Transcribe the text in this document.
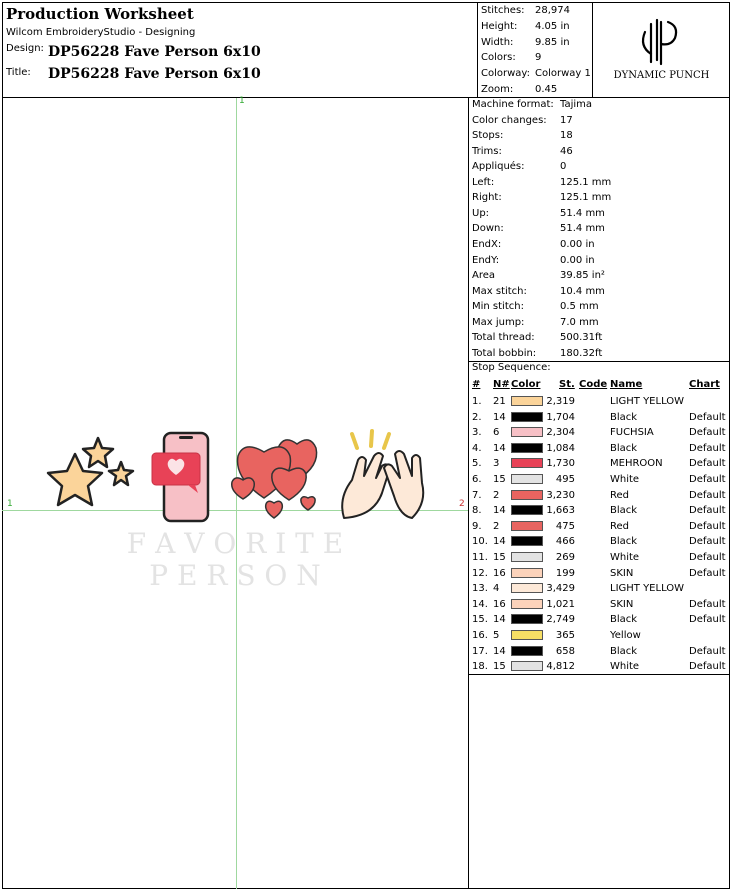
Production Worksheet
Wilcom EmbroideryStudio - Designing
Design: DP56228 Fave Person 6x10
Title: DP56228 Fave Person 6x10
Stitches: 28,974
Height: 4.05 in
Width: 9.85 in
Colors: 9
Colorway: Colorway 1
Zoom: 0.45
DYNAMIC PUNCH
1
1	2
F A V O R I T E
P E R S O N
Machine format: Tajima
Color changes: 17
Stops:	18
Trims:	46
Appliqués:	0
Left:	125.1 mm
Right:	125.1 mm
Up:	51.4 mm
Down:	51.4 mm
EndX:	0.00 in
EndY:	0.00 in
Area	39.85 in²
Max stitch:	10.4 mm
Min stitch:	0.5 mm
Max jump:	7.0 mm
Total thread:	500.31ft
Total bobbin: 180.32ft
Stop Sequence:
# N# Color St. Code Name	Chart
1. 21	2,319	LIGHT YELLOW
2. 14	1,704	Black	Default
3. 6	2,304	FUCHSIA	Default
4. 14	1,084	Black	Default
5. 3	1,730	MEHROON	Default
6. 15	495	White	Default
7. 2	3,230	Red	Default
8. 14	1,663	Black	Default
9. 2	475	Red	Default
10. 14	466	Black	Default
11. 15	269	White	Default
12. 16	199	SKIN	Default
13. 4	3,429	LIGHT YELLOW
14. 16	1,021	SKIN	Default
15. 14	2,749	Black	Default
16. 5	365	Yellow
17. 14	658	Black	Default
18. 15	4,812	White	Default
